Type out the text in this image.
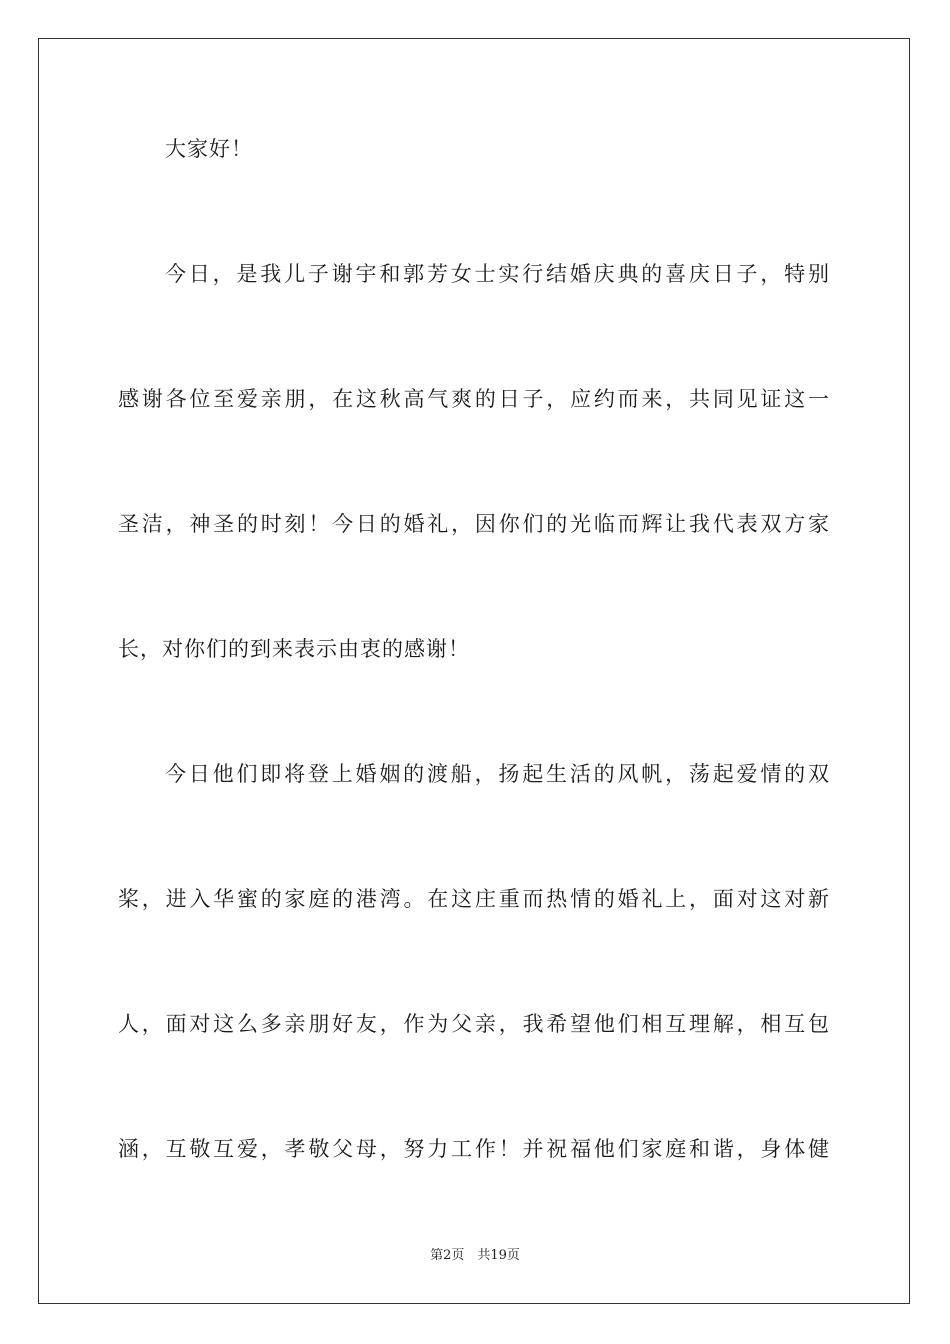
大家好！
今日，是我儿子谢宇和郭芳女士实行结婚庆典的喜庆日子，特别
感谢各位至爱亲朋，在这秋高气爽的日子，应约而来，共同见证这一
圣洁，神圣的时刻！今日的婚礼，因你们的光临而辉让我代表双方家
长，对你们的到来表示由衷的感谢！
今日他们即将登上婚姻的渡船，扬起生活的风帆，荡起爱情的双
桨，进入华蜜的家庭的港湾。在这庄重而热情的婚礼上，面对这对新
人，面对这么多亲朋好友，作为父亲，我希望他们相互理解，相互包
涵，互敬互爱，孝敬父母，努力工作！并祝福他们家庭和谐，身体健
第2页　共19页
